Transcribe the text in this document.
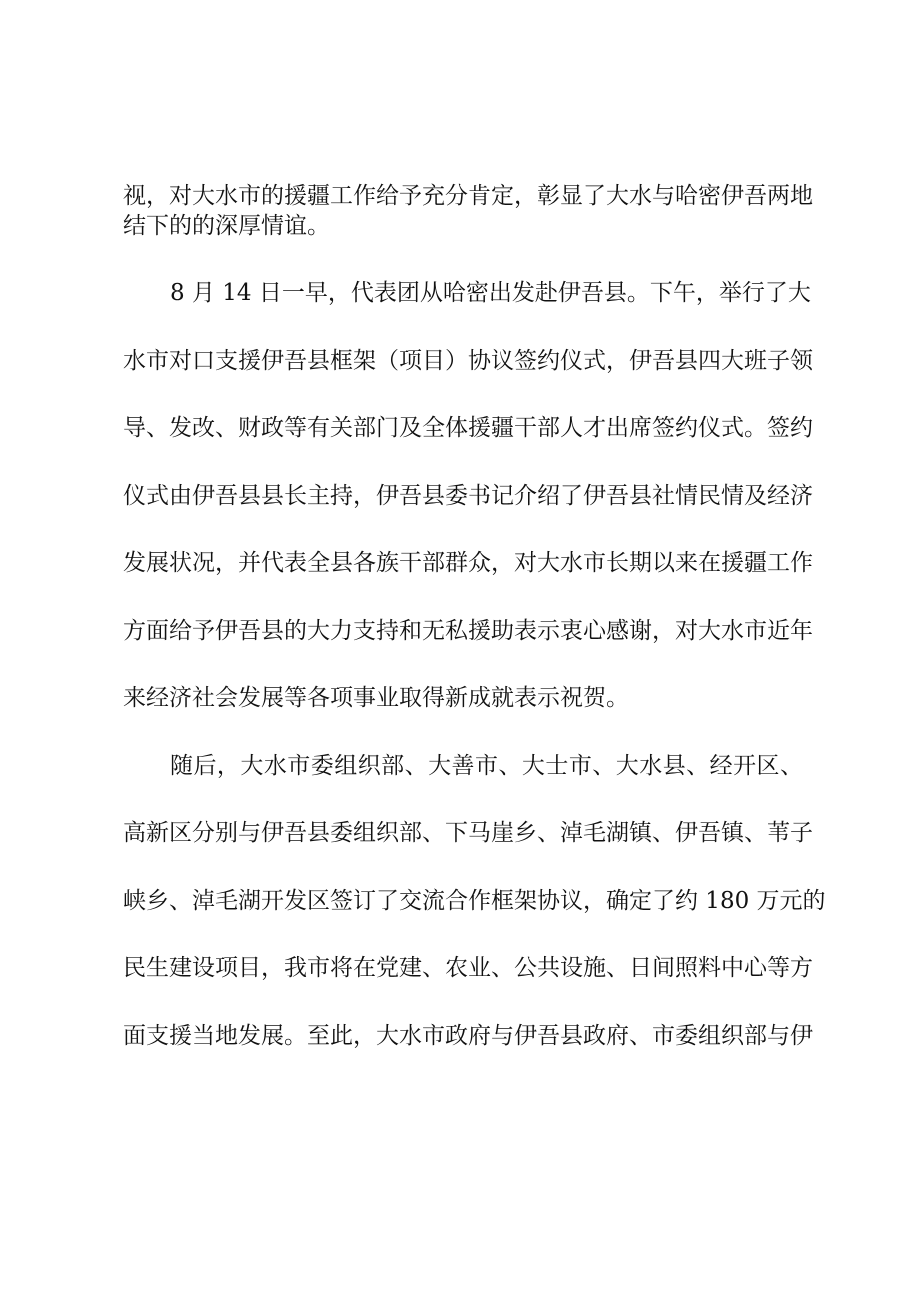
视，对大水市的援疆工作给予充分肯定，彰显了大水与哈密伊吾两地
结下的的深厚情谊。
8 月 14 日一早，代表团从哈密出发赴伊吾县。下午，举行了大
水市对口支援伊吾县框架（项目）协议签约仪式，伊吾县四大班子领
导、发改、财政等有关部门及全体援疆干部人才出席签约仪式。签约
仪式由伊吾县县长主持，伊吾县委书记介绍了伊吾县社情民情及经济
发展状况，并代表全县各族干部群众，对大水市长期以来在援疆工作
方面给予伊吾县的大力支持和无私援助表示衷心感谢，对大水市近年
来经济社会发展等各项事业取得新成就表示祝贺。
随后，大水市委组织部、大善市、大士市、大水县、经开区、
高新区分别与伊吾县委组织部、下马崖乡、淖毛湖镇、伊吾镇、苇子
峡乡、淖毛湖开发区签订了交流合作框架协议，确定了约 180 万元的
民生建设项目，我市将在党建、农业、公共设施、日间照料中心等方
面支援当地发展。至此，大水市政府与伊吾县政府、市委组织部与伊
